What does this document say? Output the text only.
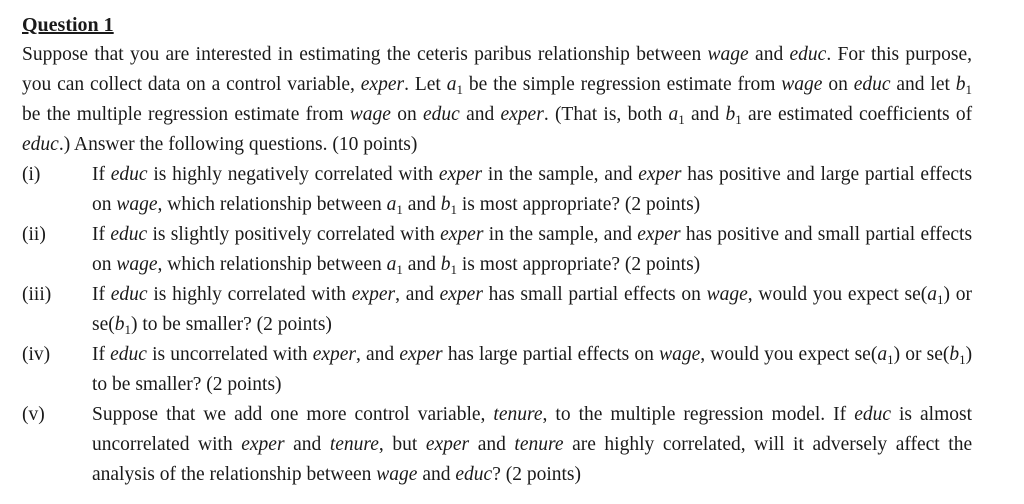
Question 1

Suppose that you are interested in estimating the ceteris paribus relationship between wage and educ. For this purpose, you can collect data on a control variable, exper. Let $a_1$ be the simple regression estimate from wage on educ and let $b_1$ be the multiple regression estimate from wage on educ and exper. (That is, both $a_1$ and $b_1$ are estimated coefficients of educ.) Answer the following questions. (10 points)

(i)	If educ is highly negatively correlated with exper in the sample, and exper has positive and large partial effects on wage, which relationship between $a_1$ and $b_1$ is most appropriate? (2 points)
(ii)	If educ is slightly positively correlated with exper in the sample, and exper has positive and small partial effects on wage, which relationship between $a_1$ and $b_1$ is most appropriate? (2 points)
(iii)	If educ is highly correlated with exper, and exper has small partial effects on wage, would you expect $se(a_1)$ or $se(b_1)$ to be smaller? (2 points)
(iv)	If educ is uncorrelated with exper, and exper has large partial effects on wage, would you expect $se(a_1)$ or $se(b_1)$ to be smaller? (2 points)
(v)	Suppose that we add one more control variable, tenure, to the multiple regression model. If educ is almost uncorrelated with exper and tenure, but exper and tenure are highly correlated, will it adversely affect the analysis of the relationship between wage and educ? (2 points)
